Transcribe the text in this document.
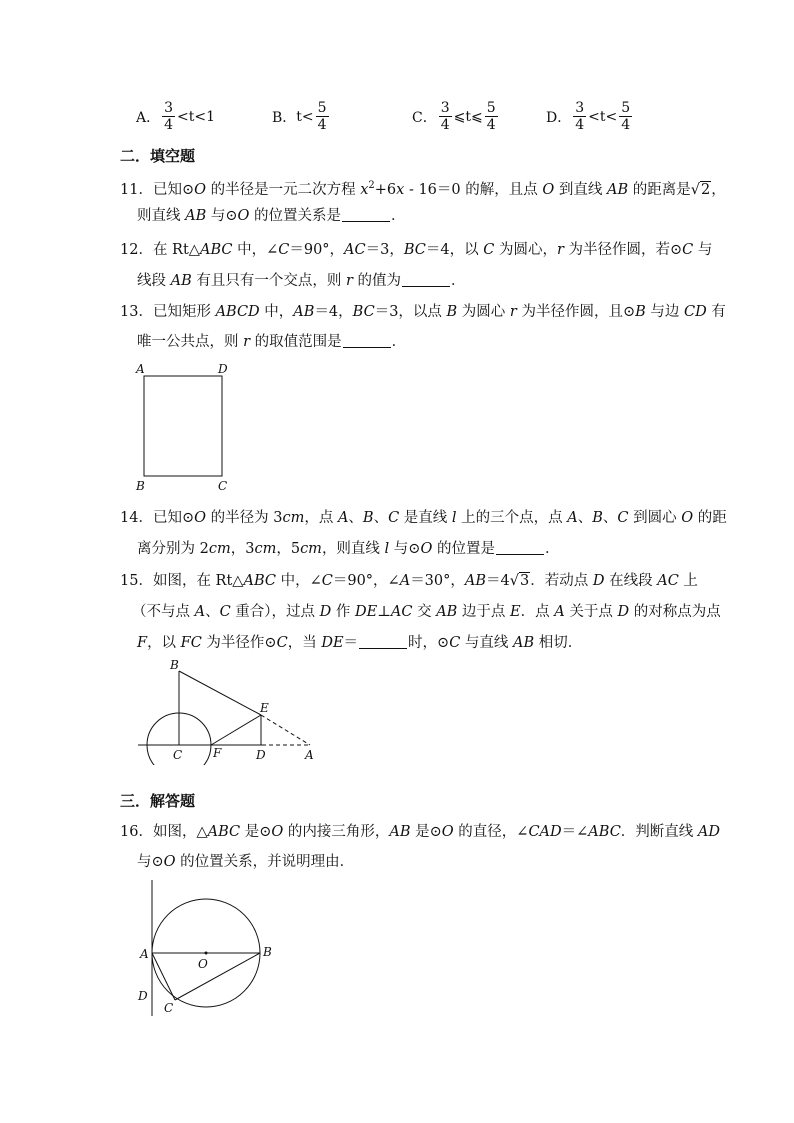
A． $\frac{3}{4} <t< 1$	B． $t< \frac{5}{4}$	C． $\frac{3}{4}$ ⩽t⩽ $\frac{5}{4}$	D． $\frac{3}{4} <t< \frac{5}{4}$
二．填空题
11．已知⊙O 的半径是一元二次方程 $x^2+6x - 16=0$ 的解，且点 O 到直线 AB 的距离是√2，
则直线 AB 与⊙O 的位置关系是	．
12．在 Rt△ABC 中，∠C＝90°，AC＝3，BC＝4，以 C 为圆心，r 为半径作圆，若⊙C 与
线段 AB 有且只有一个交点，则 r 的值为	．
13．已知矩形 ABCD 中，AB＝4，BC＝3，以点 B 为圆心 r 为半径作圆，且⊙B 与边 CD 有
唯一公共点，则 r 的取值范围是	．
A	D
B	C
14．已知⊙O 的半径为 3cm，点 A、B、C 是直线 l 上的三个点，点 A、B、C 到圆心 O 的距
离分别为 2cm，3cm，5cm，则直线 l 与⊙O 的位置是	．
15．如图，在 Rt△ABC 中，∠C＝90°，∠A＝30°，AB＝4√3．若动点 D 在线段 AC 上
（不与点 A、C 重合），过点 D 作 DE⊥AC 交 AB 边于点 E．点 A 关于点 D 的对称点为点
F，以 FC 为半径作⊙C，当 DE＝	时，⊙C 与直线 AB 相切．
B
E
C	F	D	A
三．解答题
16．如图，△ABC 是⊙O 的内接三角形，AB 是⊙O 的直径，∠CAD＝∠ABC．判断直线 AD
与⊙O 的位置关系，并说明理由．
A
O
B
D
C
